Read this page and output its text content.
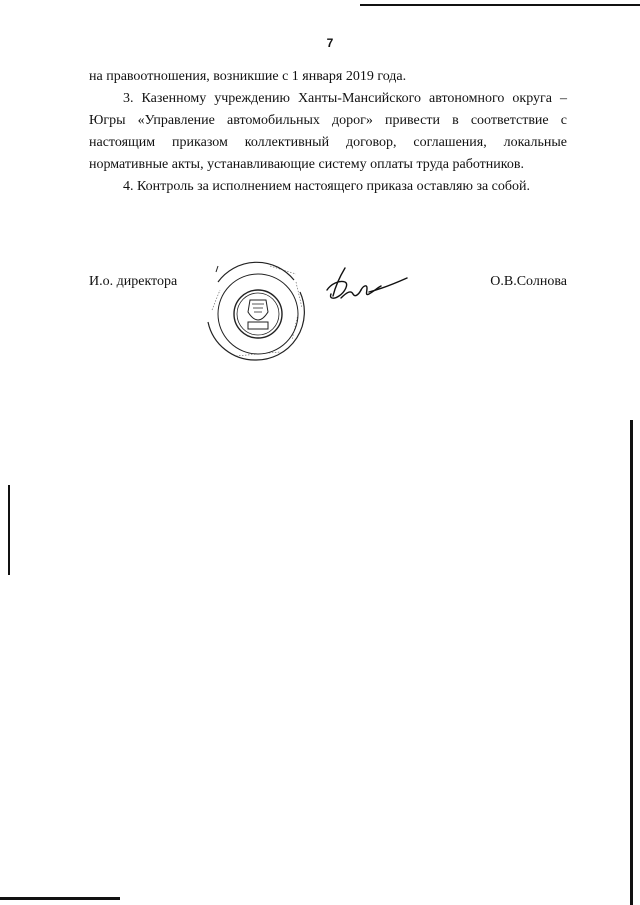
7

на правоотношения, возникшие с 1 января 2019 года.

3. Казенному учреждению Ханты-Мансийского автономного округа – Югры «Управление автомобильных дорог» привести в соответствие с настоящим приказом коллективный договор, соглашения, локальные нормативные акты, устанавливающие систему оплаты труда работников.

4. Контроль за исполнением настоящего приказа оставляю за собой.

И.о. директора	О.В.Солнова
